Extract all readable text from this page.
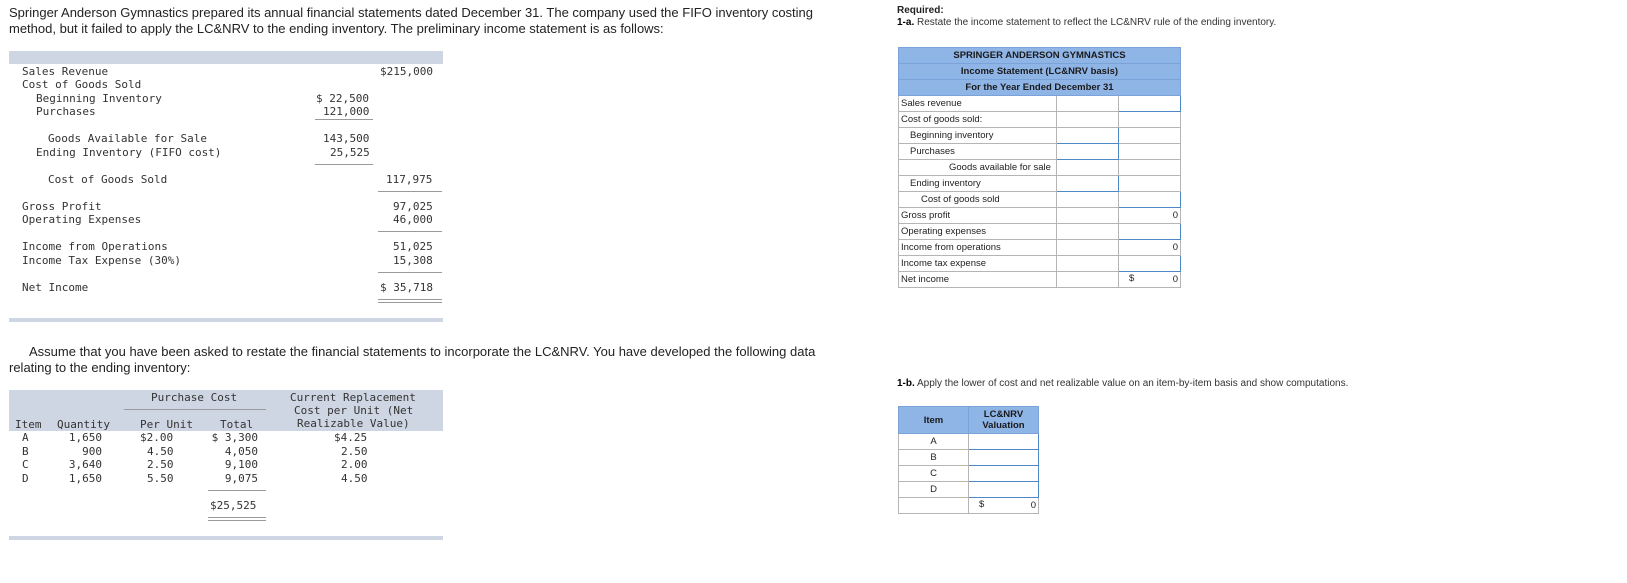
Springer Anderson Gymnastics prepared its annual financial statements dated December 31. The company used the FIFO inventory costing method, but it failed to apply the LC&NRV to the ending inventory. The preliminary income statement is as follows:
Sales Revenue	$215,000
Cost of Goods Sold
Beginning Inventory	$ 22,500
Purchases	121,000
Goods Available for Sale	143,500
Ending Inventory (FIFO cost)	25,525
Cost of Goods Sold	117,975
Gross Profit	97,025
Operating Expenses	46,000
Income from Operations	51,025
Income Tax Expense (30%)	15,308
Net Income	$ 35,718
Assume that you have been asked to restate the financial statements to incorporate the LC&NRV. You have developed the following data relating to the ending inventory:
Purchase Cost	Current Replacement
Cost per Unit (Net
Realizable Value)
Item Quantity	Per Unit Total
A	1,650	$2.00	$ 3,300	$4.25
B	900	4.50	4,050	2.50
C	3,640	2.50	9,100	2.00
D	1,650	5.50	9,075	4.50
$25,525
Required:
1-a. Restate the income statement to reflect the LC&NRV rule of the ending inventory.
SPRINGER ANDERSON GYMNASTICS		
Income Statement (LC&NRV basis)		
For the Year Ended December 31		
Sales revenue		
Cost of goods sold:		
Beginning inventory		
Purchases		
Goods available for sale		
Ending inventory		
Cost of goods sold		
Gross profit		0
Operating expenses		
Income from operations		0
Income tax expense		
Net income		$ 0
1-b. Apply the lower of cost and net realizable value on an item-by-item basis and show computations.
Item	LC&NRV
Valuation

A	
B	
C	
D	

	$ 0
